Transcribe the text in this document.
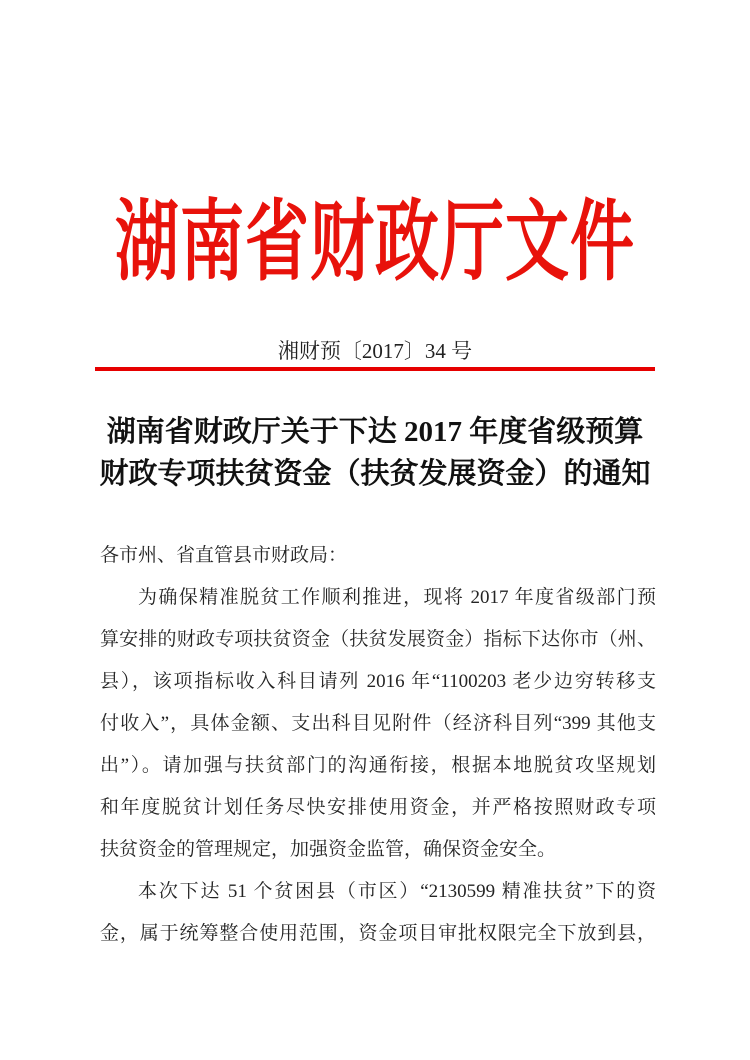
湖南省财政厅文件
湘财预〔2017〕34 号
湖南省财政厅关于下达 2017 年度省级预算
财政专项扶贫资金（扶贫发展资金）的通知
各市州、省直管县市财政局：
为确保精准脱贫工作顺利推进，现将 2017 年度省级部门预
算安排的财政专项扶贫资金（扶贫发展资金）指标下达你市（州、
县），该项指标收入科目请列 2016 年“1100203 老少边穷转移支
付收入”，具体金额、支出科目见附件（经济科目列“399 其他支
出”）。请加强与扶贫部门的沟通衔接，根据本地脱贫攻坚规划
和年度脱贫计划任务尽快安排使用资金，并严格按照财政专项
扶贫资金的管理规定，加强资金监管，确保资金安全。
本次下达 51 个贫困县（市区）“2130599 精准扶贫”下的资
金，属于统筹整合使用范围，资金项目审批权限完全下放到县，
